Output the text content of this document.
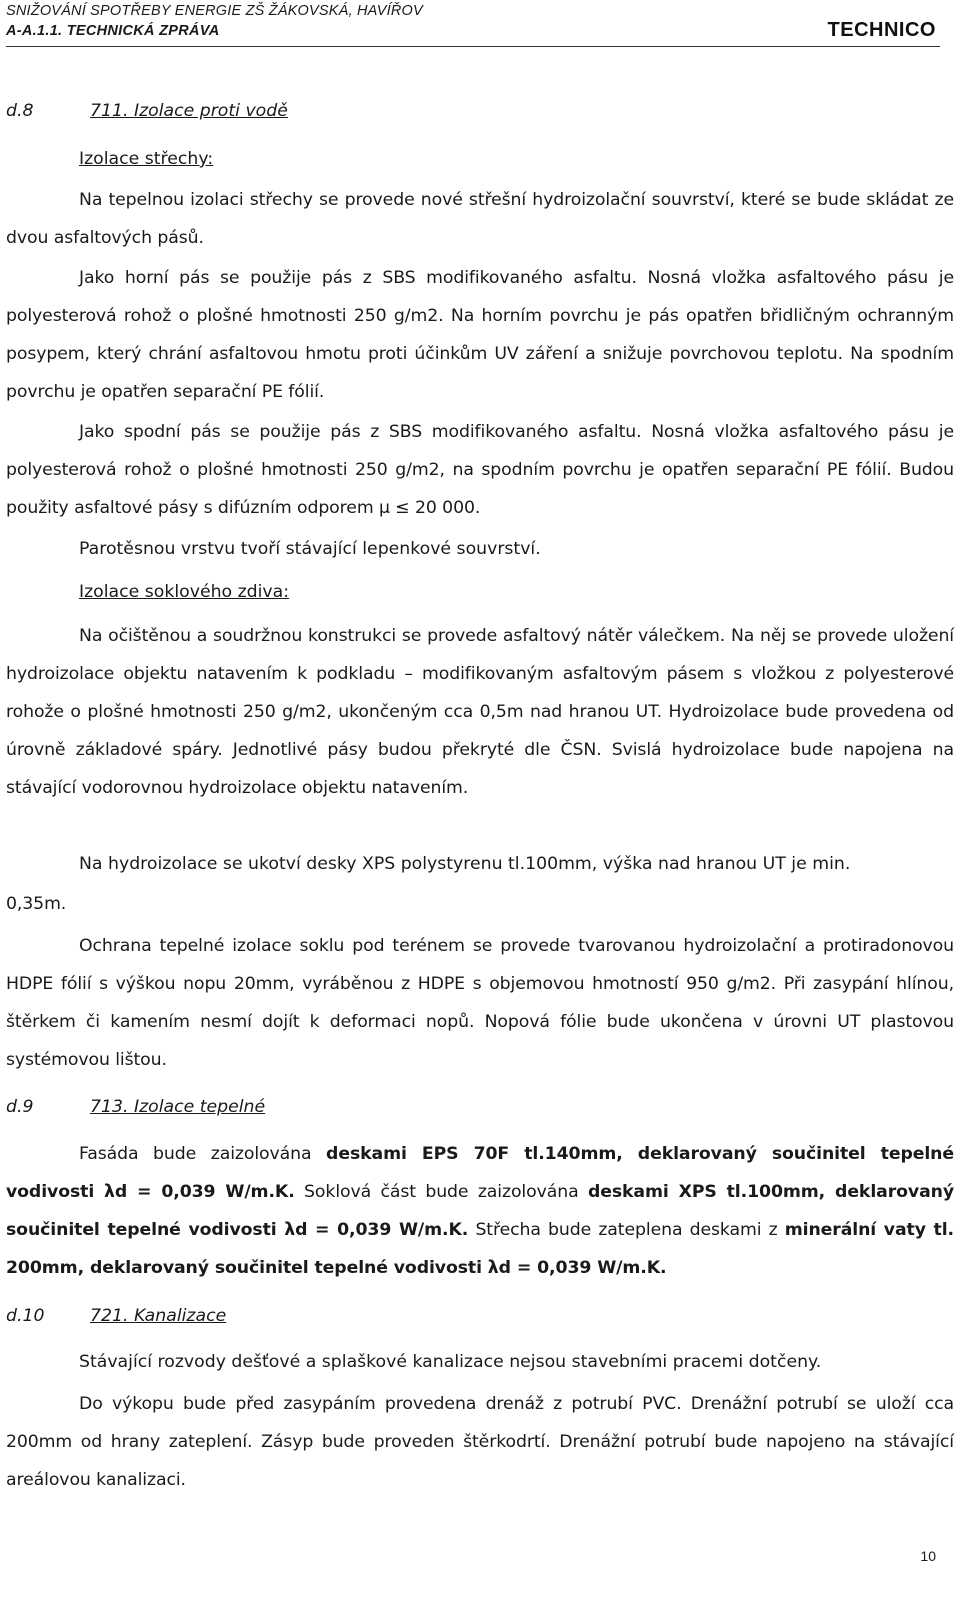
SNIŽOVÁNÍ SPOTŘEBY ENERGIE ZŠ ŽÁKOVSKÁ, HAVÍŘOV
A-A.1.1. TECHNICKÁ ZPRÁVA	TECHNICO
d.8	711. Izolace proti vodě
Izolace střechy:
Na tepelnou izolaci střechy se provede nové střešní hydroizolační souvrství, které se bude skládat ze dvou asfaltových pásů.
Jako horní pás se použije pás z SBS modifikovaného asfaltu. Nosná vložka asfaltového pásu je polyesterová rohož o plošné hmotnosti 250 g/m2. Na horním povrchu je pás opatřen břidličným ochranným posypem, který chrání asfaltovou hmotu proti účinkům UV záření a snižuje povrchovou teplotu. Na spodním povrchu je opatřen separační PE fólií.
Jako spodní pás se použije pás z SBS modifikovaného asfaltu. Nosná vložka asfaltového pásu je polyesterová rohož o plošné hmotnosti 250 g/m2, na spodním povrchu je opatřen separační PE fólií. Budou použity asfaltové pásy s difúzním odporem µ ≤ 20 000.
Parotěsnou vrstvu tvoří stávající lepenkové souvrství.
Izolace soklového zdiva:
Na očištěnou a soudržnou konstrukci se provede asfaltový nátěr válečkem. Na něj se provede uložení hydroizolace objektu natavením k podkladu – modifikovaným asfaltovým pásem s vložkou z polyesterové rohože o plošné hmotnosti 250 g/m2, ukončeným cca 0,5m nad hranou UT. Hydroizolace bude provedena od úrovně základové spáry. Jednotlivé pásy budou překryté dle ČSN. Svislá hydroizolace bude napojena na stávající vodorovnou hydroizolace objektu natavením.
Na hydroizolace se ukotví desky XPS polystyrenu tl.100mm, výška nad hranou UT je min.
0,35m.
Ochrana tepelné izolace soklu pod terénem se provede tvarovanou hydroizolační a protiradonovou HDPE fólií s výškou nopu 20mm, vyráběnou z HDPE s objemovou hmotností 950 g/m2. Při zasypání hlínou, štěrkem či kamením nesmí dojít k deformaci nopů. Nopová fólie bude ukončena v úrovni UT plastovou systémovou lištou.
d.9	713. Izolace tepelné
Fasáda bude zaizolována deskami EPS 70F tl.140mm, deklarovaný součinitel tepelné vodivosti λd = 0,039 W/m.K. Soklová část bude zaizolována deskami XPS tl.100mm, deklarovaný součinitel tepelné vodivosti λd = 0,039 W/m.K. Střecha bude zateplena deskami z minerální vaty tl. 200mm, deklarovaný součinitel tepelné vodivosti λd = 0,039 W/m.K.
d.10	721. Kanalizace
Stávající rozvody dešťové a splaškové kanalizace nejsou stavebními pracemi dotčeny.
Do výkopu bude před zasypáním provedena drenáž z potrubí PVC. Drenážní potrubí se uloží cca 200mm od hrany zateplení. Zásyp bude proveden štěrkodrtí. Drenážní potrubí bude napojeno na stávající areálovou kanalizaci.
10
